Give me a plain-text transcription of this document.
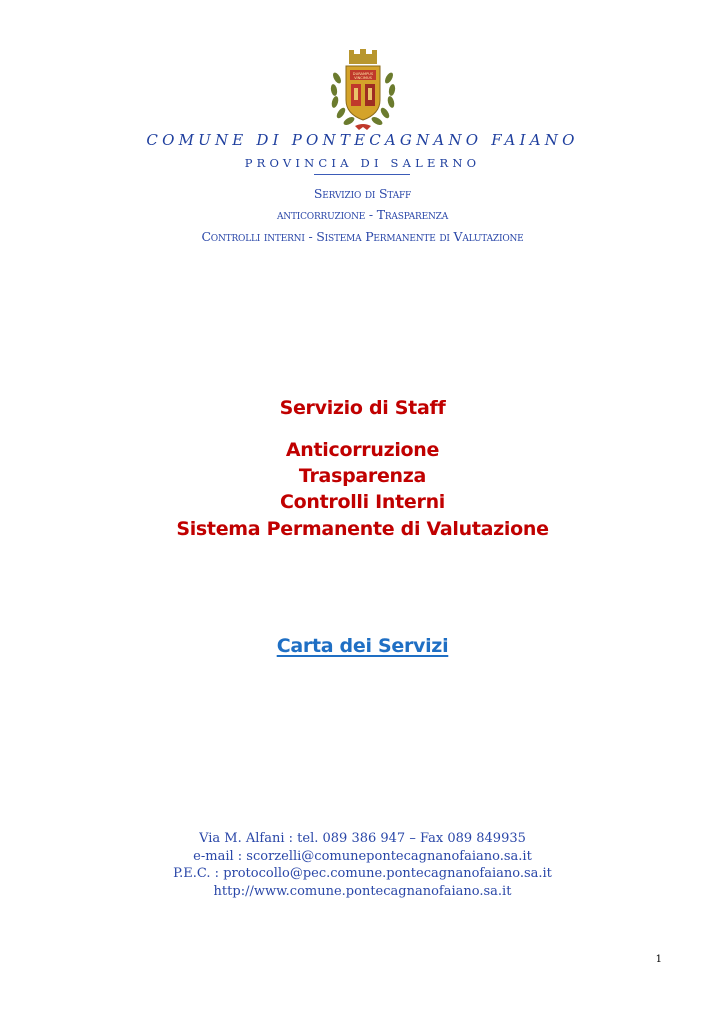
DURAMPUS
VINCIMUS
COMUNE DI PONTECAGNANO FAIANO
PROVINCIA DI SALERNO
Servizio di Staff
anticorruzione - Trasparenza
Controlli interni - Sistema Permanente di Valutazione
Servizio di Staff
Anticorruzione
Trasparenza
Controlli Interni
Sistema Permanente di Valutazione
Carta dei Servizi
Via M. Alfani : tel. 089 386 947 – Fax 089 849935
e-mail : scorzelli@comunepontecagnanofaiano.sa.it
P.E.C. : protocollo@pec.comune.pontecagnanofaiano.sa.it
http://www.comune.pontecagnanofaiano.sa.it
1
